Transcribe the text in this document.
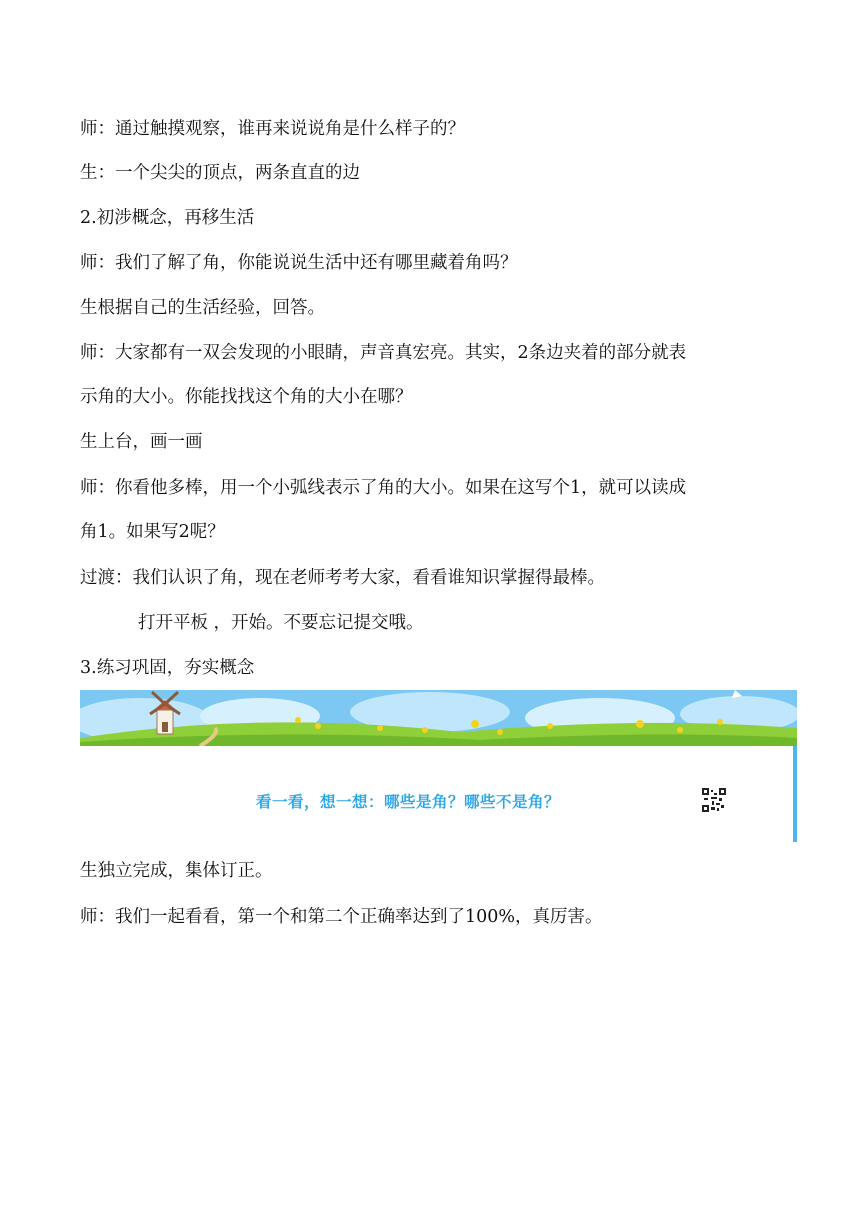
师：通过触摸观察，谁再来说说角是什么样子的？
生：一个尖尖的顶点，两条直直的边
2.初涉概念，再移生活
师：我们了解了角，你能说说生活中还有哪里藏着角吗？
生根据自己的生活经验，回答。
师：大家都有一双会发现的小眼睛，声音真宏亮。其实，2条边夹着的部分就表
示角的大小。你能找找这个角的大小在哪？
生上台，画一画
师：你看他多棒，用一个小弧线表示了角的大小。如果在这写个1，就可以读成
角1。如果写2呢？
过渡：我们认识了角，现在老师考考大家，看看谁知识掌握得最棒。
打开平板 ，开始。不要忘记提交哦。
3.练习巩固，夯实概念
看一看，想一想：哪些是角？哪些不是角？
生独立完成，集体订正。
师：我们一起看看，第一个和第二个正确率达到了100%，真厉害。
